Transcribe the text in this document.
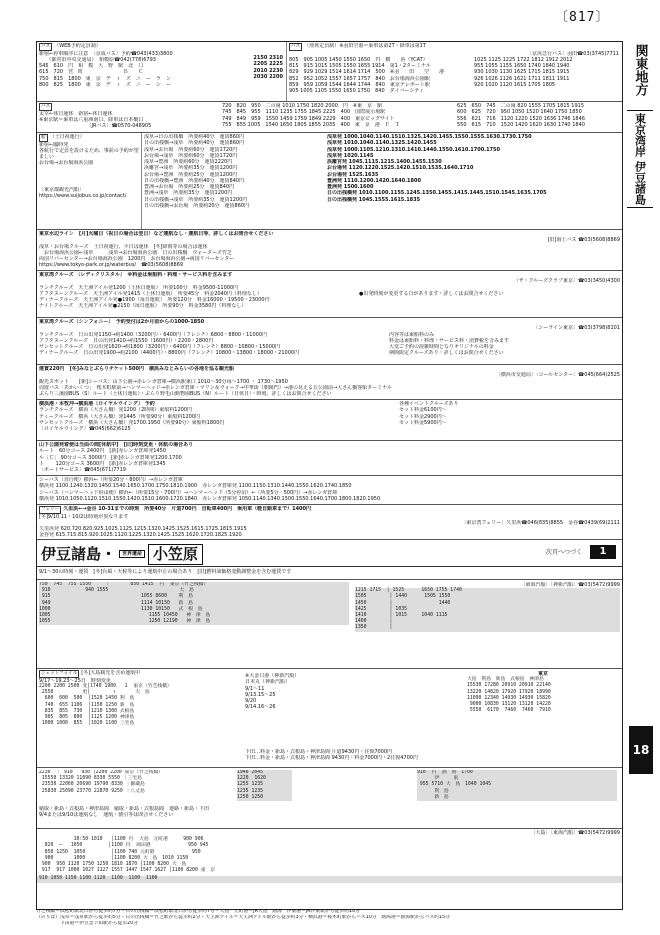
〔817〕
関東地方
東京湾岸
伊豆諸島
18
バス （WEB予約定員制）
新宿←停車順序に注意　〔京成バス〕予約☎043(433)3800
　　（都営旧中央交通局）　相模原☎042(778)6793
545　610　円　相　模　大　野　駅　北　口
615　720　宮　町　　　　　　　　Ｂ　　Ｃ
750　815　1800　東　京　デ　ィ　ズ　ニ　ー　ラ　ン
800　825　1800　東　京　デ　ィ　ズ　ニ　ー　シ　ー
2150 2310
2205 2225
2010 2230
2030 2200
バス （座席定員制）※羽田空港＝乗車は第2T・降車は第1T
〔京浜急行バス〕羽田☎03(3745)7711
805　905 1005 1450 1550 1650　円　横　　浜（YCAT）
815　915 1015 1505 1550 1655 1914　第1・2ターミナル
829　929 1029 1514 1614 1714　500　※羽　　田　　空　　港
852　952 1052 1557 1657 1757　840　お台場海浜公園駅
859　959 1059 1544 1644 1744　840　東京テレポート駅
905 1005 1105 1550 1650 1750　840　ダイバーシティ
1025 1125 1225 1722 1812 1912 2012
955 1055 1155 1650 1740 1840 1940
930 1030 1130 1625 1715 1815 1915
926 1026 1126 1621 1711 1811 1911
920 1020 1120 1615 1705 1805
バス
太宰←休日運休　新宿←休日運休
※東京駅＝乗車は八重洲南口、降車は日本橋口
　　　　　　　　　　〔JRバス〕☎0570-048905
720　820　950　二の岡 1010 1750 1820 2000　円　※東　京　駅
745　845　955　1110 1235 1755 1845 2225　400　国際展示場駅
749　849　959　1550 1459 1759 1849 2229　400　東京ビッグサイト
755　855 1005　1540 1650 1805 1855 2035　400　東　京　港　Ｆ　Ｔ
625　650　745　二の岡 820 1555 1705 1815 1915
600　625　720　950 1050 1520 1640 1750 1850
556　621　716　1120 1220 1520 1636 1746 1846
550　615　710　1520 1420 1620 1630 1740 1840
船 （土日祝運行）
新宿←臨時発
各航行で定員を設けるため、事前の予約が望ましい
お台場→お台場海浜公園
〔東京都観光汽船〕
https://www.suijobus.co.jp/contact/
浅草→日の出桟橋　所要約40分　運賃860円
日の出桟橋→浅草　所要約40分　運賃860円
浅草→お台場　所要約60分　運賃1720円
お台場→浅草　所要約60分　運賃1720円
浅草→豊洲　所要約60分　運賃2220円
浜離宮→浅草　所要約35分　運賃1200円
お台場→豊洲　所要約25分　運賃1200円
日の出桟橋→豊洲　所要約40分　運賃840円
豊洲→お台場　所要約25分　運賃840円
豊洲→浅草　所要約35分　運賃1200円
日の出桟橋→浅草　所要約35分　運賃1200円
日の出桟橋→お台場　所要約20分　運賃860円
浅草発 1000.1040.1140.1510.1325.1420.1455.1550.1555.1630.1730.1750
浅草発 1010.1040.1140.1325.1420.1455
浅草発 1000.1105.1210.1310.1410.1440.1550.1610.1700.1750
浅草発 1020.1145
浜離宮発 1045.1115.1215.1400.1455.1530
お台場発 1120.1220.1525.1420.1510.1535.1640.1710
お台場発 1525.1635
豊洲発 1110.1200.1420.1640.1800
豊洲発 1500.1600
日の出桟橋発 1010.1100.1155.1245.1350.1455.1415.1445.1510.1545.1635.1705
日の出桟橋発 1045.1555.1615.1835
東京水辺ライン　[月]火曜日（祝日の場合は翌日）など運航なし・運航日等、詳しくはお問合せください
[旧]海上バス ☎03(5608)8869
浅草・お台場クルーズ　土日祝運行、平日は運休　[冬]降雨等の場合は運休
　お台場海浜公園←浅草　　　浅草→お台場海浜公園　日の出桟橋　ウォーターズ竹芝
両国リバーセンター→お台場海浜公園　1200円　お台場海浜公園→両国リバーセンター
https://www.tokyo-park.or.jp/waterbus/　☎03(5608)8869
東京湾クルーズ 〔レディクリスタル〕　※料金は乗船料・料理・サービス料を含みます
〔ザ・クルーズクラブ東京〕☎03(3450)4300
ランチクルーズ　天王洲アイル発1200（土休日運航）　所要100分　料金9500-11000円
アフタヌーンクルーズ　天王洲アイル発1415（土休日運航）　所要45分　料金2040円（料理なし）
ディナークルーズ　天王洲アイル発●1900（毎日運航）　所要120分　料金16000・19500・23000円
ナイトクルーズ　天王洲アイル発●2150（毎日運航）　所要90分　料金3580円（料理なし）
●出発時刻が変更する日があります・詳しくはお問合せください
東京湾クルーズ〔シンフォニー〕　予約受付は2か月前からの1000-1850
〔シーライン東京〕☎03(3798)8101
ランチクルーズ　日の出発1150→約1400（3200円）・6400円（フレンチ）6800・8800・11000円
アフタヌーンクルーズ　日の出発1410→約1550（1600円）・2200・2800円
サンセットクルーズ　日の出発1620→約1800（3200円）・6400円（フレンチ）8800・10800・15000円
ディナークルーズ　日の出発1900→約2100（4400円）・8800円（フレンチ）10800・13800・18000・21000円
内容等は乗船料のみ
料金は乗船料・料理・サービス料・消費税を含みます
大変ご予約の混雑時間となりオリジナルの料金
期間限定クルーズあり・詳しくはお問合せください
運賃220円　[冬]みなとぶらりチケット500円　横浜みなとみらいの各地を巡る観光船
〔横浜市交通局〕〔コールセンター〕☎045(664)2525
観光スポット　　[新]シーバス：山下公園→赤レンガ倉庫→横浜駅東口 1010〜30分毎〜1700 ・ 1730〜1950
周遊バス「あかいくつ」　桜木町駅前→ハンマーヘッド→赤レンガ倉庫・マリン＆ウォーク→中華街（朝陽門）→港の見える丘公園前→大さん橋客船ターミナル
ぶらり三溪園BUS（S）ルート（土休日運転）・ぶらり野毛山動物園BUS（N）ルート（日休日）・時刻、詳しくはお問合せください
横浜港・本牧沖→横浜港〔ロイヤルウイング〕 予約
ランチクルーズ　横浜（大さん橋）発1200（2時間）乗船料1200円
ティークルーズ　横浜（大さん橋）発1445（所要90分）乗船料1200円
サンセットクルーズ　横浜（大さん橋）発1700.1950（所要90分）乗船料1800円
〔ロイヤルウイング〕☎045(662)6125
各種イベントクルーズあり
セット料金6100円〜
セット料金2900円〜
セット料金5900円〜
山下公園発着便は当面の間[休航中]　[旧]時刻変更・休航の場合あり
ルート　60分コース 2400円　[新]赤レンガ倉庫発1450
ル［Ｃ］ 90分コース 3000円　[新]赤レンガ倉庫発1200.1700
ト　　 120分コース 3600円　[新]赤レンガ倉庫発1345
〔ポートサービス〕☎045(671)7719
シーバス（直行便）横浜←（所要20分・800円）→赤レンガ倉庫
横浜発 1100.1240.1320.1450.1540.1650.1700.1750.1810.1900　赤レンガ倉庫発 1100.1150.1310.1440.1550.1620.1740.1850
シーバス（ハンマーヘッド経由便）横浜←（所要15分・700円）→ハンマーヘッド（5分停泊）←（所要5分・500円）→赤レンガ倉庫
横浜発 1010.1050.1120.1510.1550.1420.1510.1600.1720.1840　赤レンガ倉庫発 1050.1140.1340.1500.1550.1640.1700.1800.1820.1950
フェリー 久里浜←→金谷 10-31までの時刻　所要40分　片道700円　自転車400円　乗用車（軽自動車まで）1400円
[冬]9/10.11・10/2は時刻が異なります
〔東京湾フェリー〕久里浜☎046(835)8855　金谷☎0439(69)2111
久里浜発 620.720.820.925.1025.1125.1215.1320.1425.1525.1615.1725.1815.1915
金谷発 615.715.815.920.1025.1120.1225.1320.1425.1525.1620.1720.1825.1920
伊豆諸島・ 世界遺産 小笠原	次頁へつづく	1
9/1〜30の時刻・運賃　[冬]台風・天候等により運航中止の場合あり　[旧]燃料油価格変動調整金を含む運賃です
750  745  755 1550     ｜       850 1415  円  東京（竹芝桟橋）
910            940 1555            　　　　　　　 大　島
915            　　　　　           1055 8600    利　島
949            　　　　　           1114 10150   新　島
1000            　　　　　           1130 10150   式　根　島
1005                                  1155 10450   神　津　島
1055                                  1250 12190   神　津　島
〔東海汽船〕〔神新汽船〕☎03(5472)9999
1215 1715  │ 1525      1650 1755 1740
1505        │ 1440      1505 1550
1450        │                1440
1425        │ 1035
1410        │ 1015     1040 1115
1400        │
1350        │
ジェットフォイル [冬]大島観光を含め運航中
9/17〜19.23〜25日　時刻変更
2200 2200 2500 変│1740 1900   1  東京（竹芝桟橋）
2550          更│        ↑   　  大　島
600  600  500  │1520 1450 利　島
740  655 1106  │1150 1250 新　島
835  855  730  │1210 1300 式根島
905  805  800  │1125 1200 神津島
1000 1000  855  │1020 1100 三宅島
※大金口港（神新汽船）
日本丸（神新汽船）
9/1〜11
9/13.15〜25
9/20
9/14.16〜26
東京
大島　利島　新島　式根島　神津島
15530 17280 20910 20910 22140
13220 14820 17920 17920 18990
11090 12340 14930 14930 15820
9000 10830 13120 13120 14220
5550  6170  7460  7460  7910
下田…料金・新島・式根島・神津島間 片道9430円・往復7000円
下田…料金・新島・式根島・神津島間 9430円・料金7000円・2往復4700円
2230  ｜ 910   930 │2200 2200 東京（竹芝桟橋）
15550 13320 11090 8330 5550 ｜三宅島
23530 22060 20690 19790 8330 ｜御蔵島
25830 25090 23770 22870 9250 ｜八丈島
1940 2045
1220  1620
1255 1235
1235 1235
1250 1250
910  円  熱　海　1700
伊　　　東
955 5710 大　島　1040 1045
利　島
新　島
稲取・新島・式根島・神津島間　稲取・新島・式根島間　連絡・新島・下田
9/4または9/10は運航なし　運航・割引等は問合せください
〔大島〕〔東海汽船〕☎03(5472)9999
10:50 1010   │1100 円  大島　元町港　　  900 906
820  ─   1050         │1100 円  岡田港             950 945
850 1250  1050         │1100 740 元町港             950
900       1000         │1100 8200 大　島　1010 1150
900  950 1120 1750 1250 1810 1870 │1100 8200 大　島
917  917 1000 1027 1127 1557 1447 1547 1627 │1100 8200 東　京
910 1050 1150 1100 1120  1100  1100  1100
竹芝桟橋＝浜松町駅北口から徒歩約7分・日の出桟橋＝浜松町駅北口から徒歩約7分・大島　元町港＝JR大島　熱海　伊東港＝JR伊東駅から徒歩約10分
（のりば）浅草＝浅草駅から徒歩約5分・日の出桟橋＝竹芝駅から徒歩約2分・天王洲アイル＝天王洲アイル駅から徒歩約3分・横浜港＝桜木町駅からバス10分　熱海港＝熱海駅からバス約15分
　　　　　下田港＝伊豆急下田駅から徒歩20分
